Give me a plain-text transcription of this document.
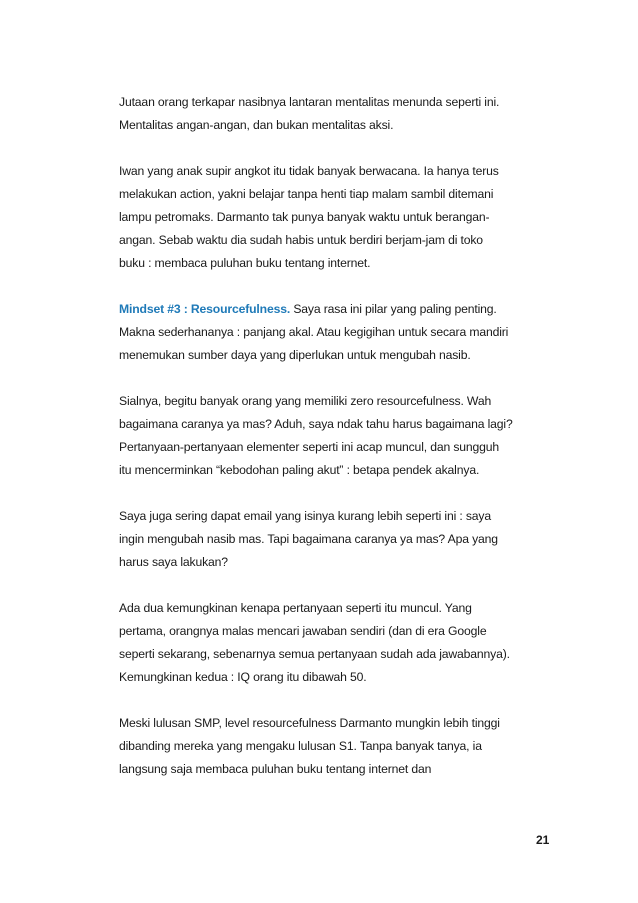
Jutaan orang terkapar nasibnya lantaran mentalitas menunda seperti ini.
Mentalitas angan-angan, dan bukan mentalitas aksi.
Iwan yang anak supir angkot itu tidak banyak berwacana. Ia hanya terus
melakukan action, yakni belajar tanpa henti tiap malam sambil ditemani
lampu petromaks. Darmanto tak punya banyak waktu untuk berangan-
angan. Sebab waktu dia sudah habis untuk berdiri berjam-jam di toko
buku : membaca puluhan buku tentang internet.
Mindset #3 : Resourcefulness. Saya rasa ini pilar yang paling penting.
Makna sederhananya : panjang akal. Atau kegigihan untuk secara mandiri
menemukan sumber daya yang diperlukan untuk mengubah nasib.
Sialnya, begitu banyak orang yang memiliki zero resourcefulness. Wah
bagaimana caranya ya mas? Aduh, saya ndak tahu harus bagaimana lagi?
Pertanyaan-pertanyaan elementer seperti ini acap muncul, dan sungguh
itu mencerminkan “kebodohan paling akut” : betapa pendek akalnya.
Saya juga sering dapat email yang isinya kurang lebih seperti ini : saya
ingin mengubah nasib mas. Tapi bagaimana caranya ya mas? Apa yang
harus saya lakukan?
Ada dua kemungkinan kenapa pertanyaan seperti itu muncul. Yang
pertama, orangnya malas mencari jawaban sendiri (dan di era Google
seperti sekarang, sebenarnya semua pertanyaan sudah ada jawabannya).
Kemungkinan kedua : IQ orang itu dibawah 50.
Meski lulusan SMP, level resourcefulness Darmanto mungkin lebih tinggi
dibanding mereka yang mengaku lulusan S1. Tanpa banyak tanya, ia
langsung saja membaca puluhan buku tentang internet dan
21
